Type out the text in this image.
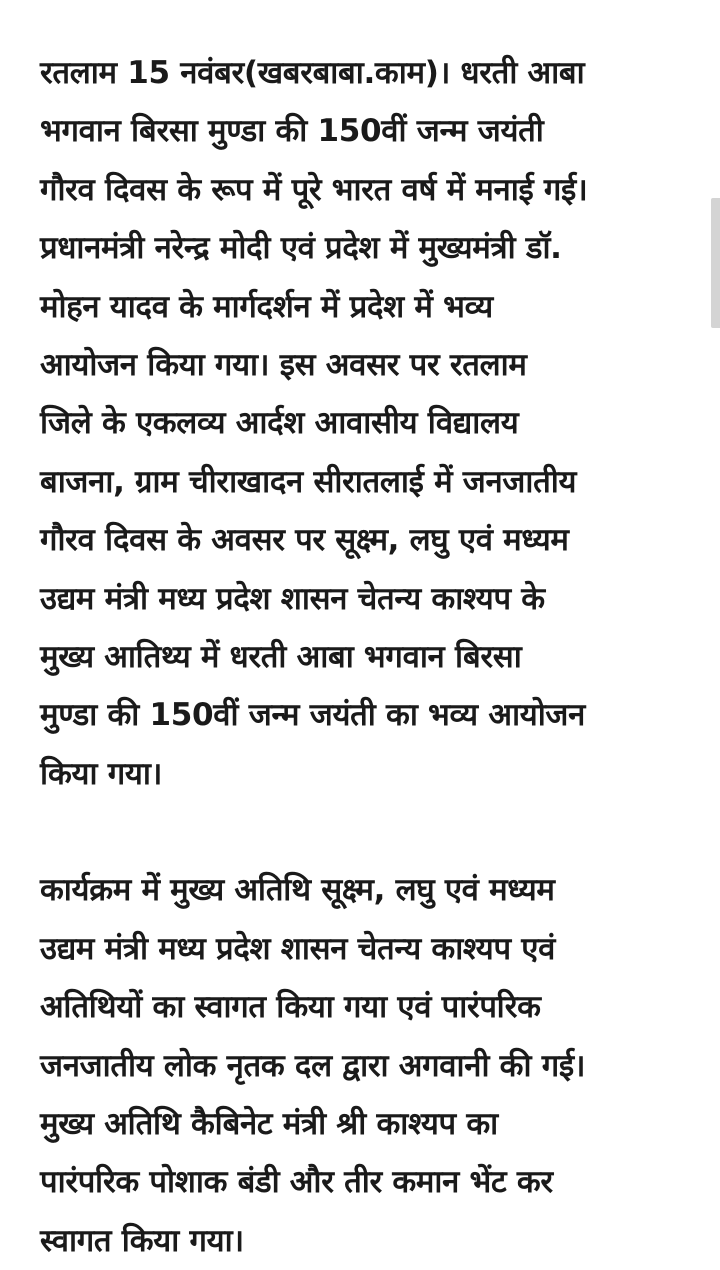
रतलाम 15 नवंबर(खबरबाबा.काम)। धरती आबा
भगवान बिरसा मुण्डा की 150वीं जन्म जयंती
गौरव दिवस के रूप में पूरे भारत वर्ष में मनाई गई।
प्रधानमंत्री नरेन्द्र मोदी एवं प्रदेश में मुख्यमंत्री डॉ.
मोहन यादव के मार्गदर्शन में प्रदेश में भव्य
आयोजन किया गया। इस अवसर पर रतलाम
जिले के एकलव्य आर्दश आवासीय विद्यालय
बाजना, ग्राम चीराखादन सीरातलाई में जनजातीय
गौरव दिवस के अवसर पर सूक्ष्म, लघु एवं मध्यम
उद्यम मंत्री मध्य प्रदेश शासन चेतन्य काश्यप के
मुख्य आतिथ्य में धरती आबा भगवान बिरसा
मुण्डा की 150वीं जन्म जयंती का भव्य आयोजन
किया गया।

कार्यक्रम में मुख्य अतिथि सूक्ष्म, लघु एवं मध्यम
उद्यम मंत्री मध्य प्रदेश शासन चेतन्य काश्यप एवं
अतिथियों का स्वागत किया गया एवं पारंपरिक
जनजातीय लोक नृतक दल द्वारा अगवानी की गई।
मुख्य अतिथि कैबिनेट मंत्री श्री काश्यप का
पारंपरिक पोशाक बंडी और तीर कमान भेंट कर
स्वागत किया गया।
